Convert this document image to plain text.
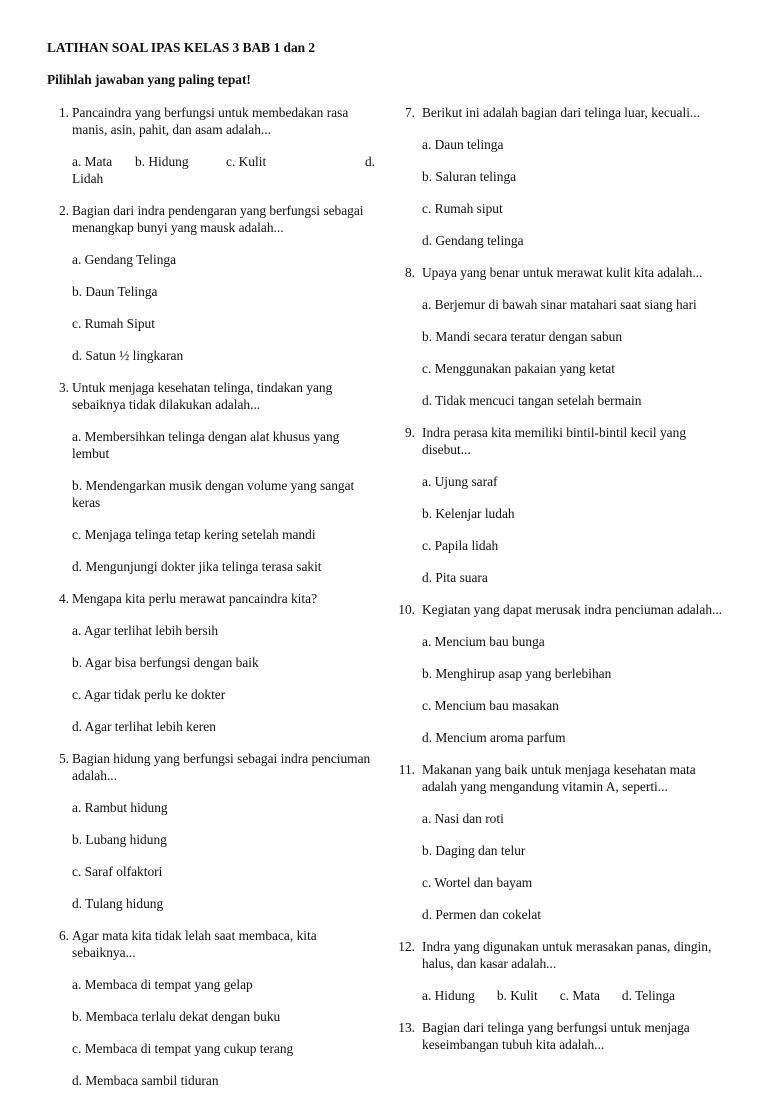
LATIHAN SOAL IPAS KELAS 3 BAB 1 dan 2
Pilihlah jawaban yang paling tepat!
1. Pancaindra yang berfungsi untuk membedakan rasa manis, asin, pahit, dan asam adalah...
a. Mata b. Hidung	c. Kulit	d.
Lidah
2. Bagian dari indra pendengaran yang berfungsi sebagai menangkap bunyi yang mausk adalah...
a. Gendang Telinga
b. Daun Telinga
c. Rumah Siput
d. Satun ½ lingkaran
3. Untuk menjaga kesehatan telinga, tindakan yang sebaiknya tidak dilakukan adalah...
a. Membersihkan telinga dengan alat khusus yang lembut
b. Mendengarkan musik dengan volume yang sangat keras
c. Menjaga telinga tetap kering setelah mandi
d. Mengunjungi dokter jika telinga terasa sakit
4. Mengapa kita perlu merawat pancaindra kita?
a. Agar terlihat lebih bersih
b. Agar bisa berfungsi dengan baik
c. Agar tidak perlu ke dokter
d. Agar terlihat lebih keren
5. Bagian hidung yang berfungsi sebagai indra penciuman adalah...
a. Rambut hidung
b. Lubang hidung
c. Saraf olfaktori
d. Tulang hidung
6. Agar mata kita tidak lelah saat membaca, kita sebaiknya...
a. Membaca di tempat yang gelap
b. Membaca terlalu dekat dengan buku
c. Membaca di tempat yang cukup terang
d. Membaca sambil tiduran
7. Berikut ini adalah bagian dari telinga luar, kecuali...
a. Daun telinga
b. Saluran telinga
c. Rumah siput
d. Gendang telinga
8. Upaya yang benar untuk merawat kulit kita adalah...
a. Berjemur di bawah sinar matahari saat siang hari
b. Mandi secara teratur dengan sabun
c. Menggunakan pakaian yang ketat
d. Tidak mencuci tangan setelah bermain
9. Indra perasa kita memiliki bintil-bintil kecil yang disebut...
a. Ujung saraf
b. Kelenjar ludah
c. Papila lidah
d. Pita suara
10. Kegiatan yang dapat merusak indra penciuman adalah...
a. Mencium bau bunga
b. Menghirup asap yang berlebihan
c. Mencium bau masakan
d. Mencium aroma parfum
11. Makanan yang baik untuk menjaga kesehatan mata adalah yang mengandung vitamin A, seperti...
a. Nasi dan roti
b. Daging dan telur
c. Wortel dan bayam
d. Permen dan cokelat
12. Indra yang digunakan untuk merasakan panas, dingin, halus, dan kasar adalah...
a. Hidung b. Kulit c. Mata d. Telinga
13. Bagian dari telinga yang berfungsi untuk menjaga keseimbangan tubuh kita adalah...
